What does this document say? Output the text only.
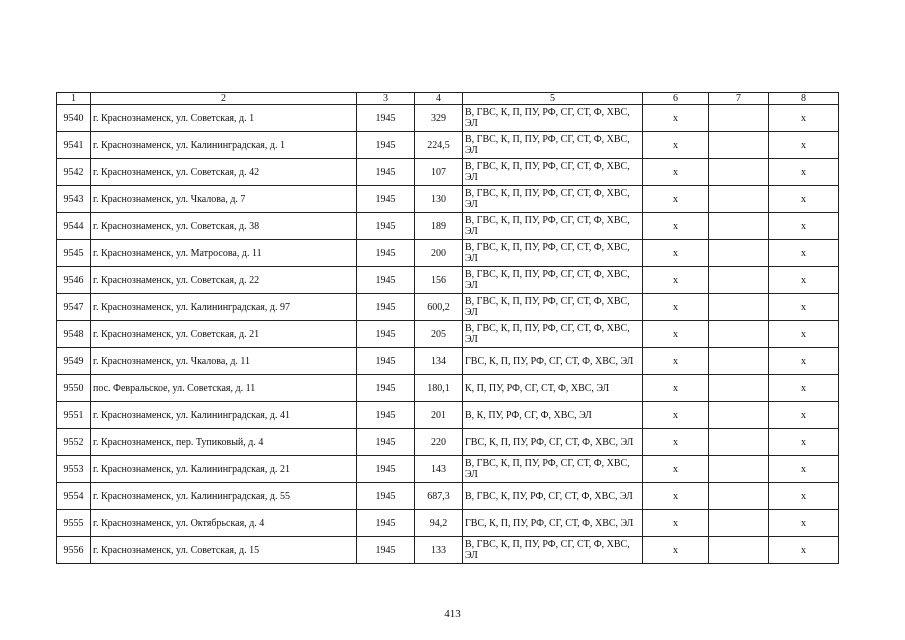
1	2	3	4	5	6	7	8
9540	г. Краснознаменск, ул. Советская, д. 1	1945	329	В, ГВС, К, П, ПУ, РФ, СГ, СТ, Ф, ХВС, ЭЛ	x		x
9541	г. Краснознаменск, ул. Калининградская, д. 1	1945	224,5	В, ГВС, К, П, ПУ, РФ, СГ, СТ, Ф, ХВС, ЭЛ	x		x
9542	г. Краснознаменск, ул. Советская, д. 42	1945	107	В, ГВС, К, П, ПУ, РФ, СГ, СТ, Ф, ХВС, ЭЛ	x		x
9543	г. Краснознаменск, ул. Чкалова, д. 7	1945	130	В, ГВС, К, П, ПУ, РФ, СГ, СТ, Ф, ХВС, ЭЛ	x		x
9544	г. Краснознаменск, ул. Советская, д. 38	1945	189	В, ГВС, К, П, ПУ, РФ, СГ, СТ, Ф, ХВС, ЭЛ	x		x
9545	г. Краснознаменск, ул. Матросова, д. 11	1945	200	В, ГВС, К, П, ПУ, РФ, СГ, СТ, Ф, ХВС, ЭЛ	x		x
9546	г. Краснознаменск, ул. Советская, д. 22	1945	156	В, ГВС, К, П, ПУ, РФ, СГ, СТ, Ф, ХВС, ЭЛ	x		x
9547	г. Краснознаменск, ул. Калининградская, д. 97	1945	600,2	В, ГВС, К, П, ПУ, РФ, СГ, СТ, Ф, ХВС, ЭЛ	x		x
9548	г. Краснознаменск, ул. Советская, д. 21	1945	205	В, ГВС, К, П, ПУ, РФ, СГ, СТ, Ф, ХВС, ЭЛ	x		x
9549	г. Краснознаменск, ул. Чкалова, д. 11	1945	134	ГВС, К, П, ПУ, РФ, СГ, СТ, Ф, ХВС, ЭЛ	x		x
9550	пос. Февральское, ул. Советская, д. 11	1945	180,1	К, П, ПУ, РФ, СГ, СТ, Ф, ХВС, ЭЛ	x		x
9551	г. Краснознаменск, ул. Калининградская, д. 41	1945	201	В, К, ПУ, РФ, СГ, Ф, ХВС, ЭЛ	x		x
9552	г. Краснознаменск, пер. Тупиковый, д. 4	1945	220	ГВС, К, П, ПУ, РФ, СГ, СТ, Ф, ХВС, ЭЛ	x		x
9553	г. Краснознаменск, ул. Калининградская, д. 21	1945	143	В, ГВС, К, П, ПУ, РФ, СГ, СТ, Ф, ХВС, ЭЛ	x		x
9554	г. Краснознаменск, ул. Калининградская, д. 55	1945	687,3	В, ГВС, К, ПУ, РФ, СГ, СТ, Ф, ХВС, ЭЛ	x		x
9555	г. Краснознаменск, ул. Октябрьская, д. 4	1945	94,2	ГВС, К, П, ПУ, РФ, СГ, СТ, Ф, ХВС, ЭЛ	x		x
9556	г. Краснознаменск, ул. Советская, д. 15	1945	133	В, ГВС, К, П, ПУ, РФ, СГ, СТ, Ф, ХВС, ЭЛ	x		x
413
